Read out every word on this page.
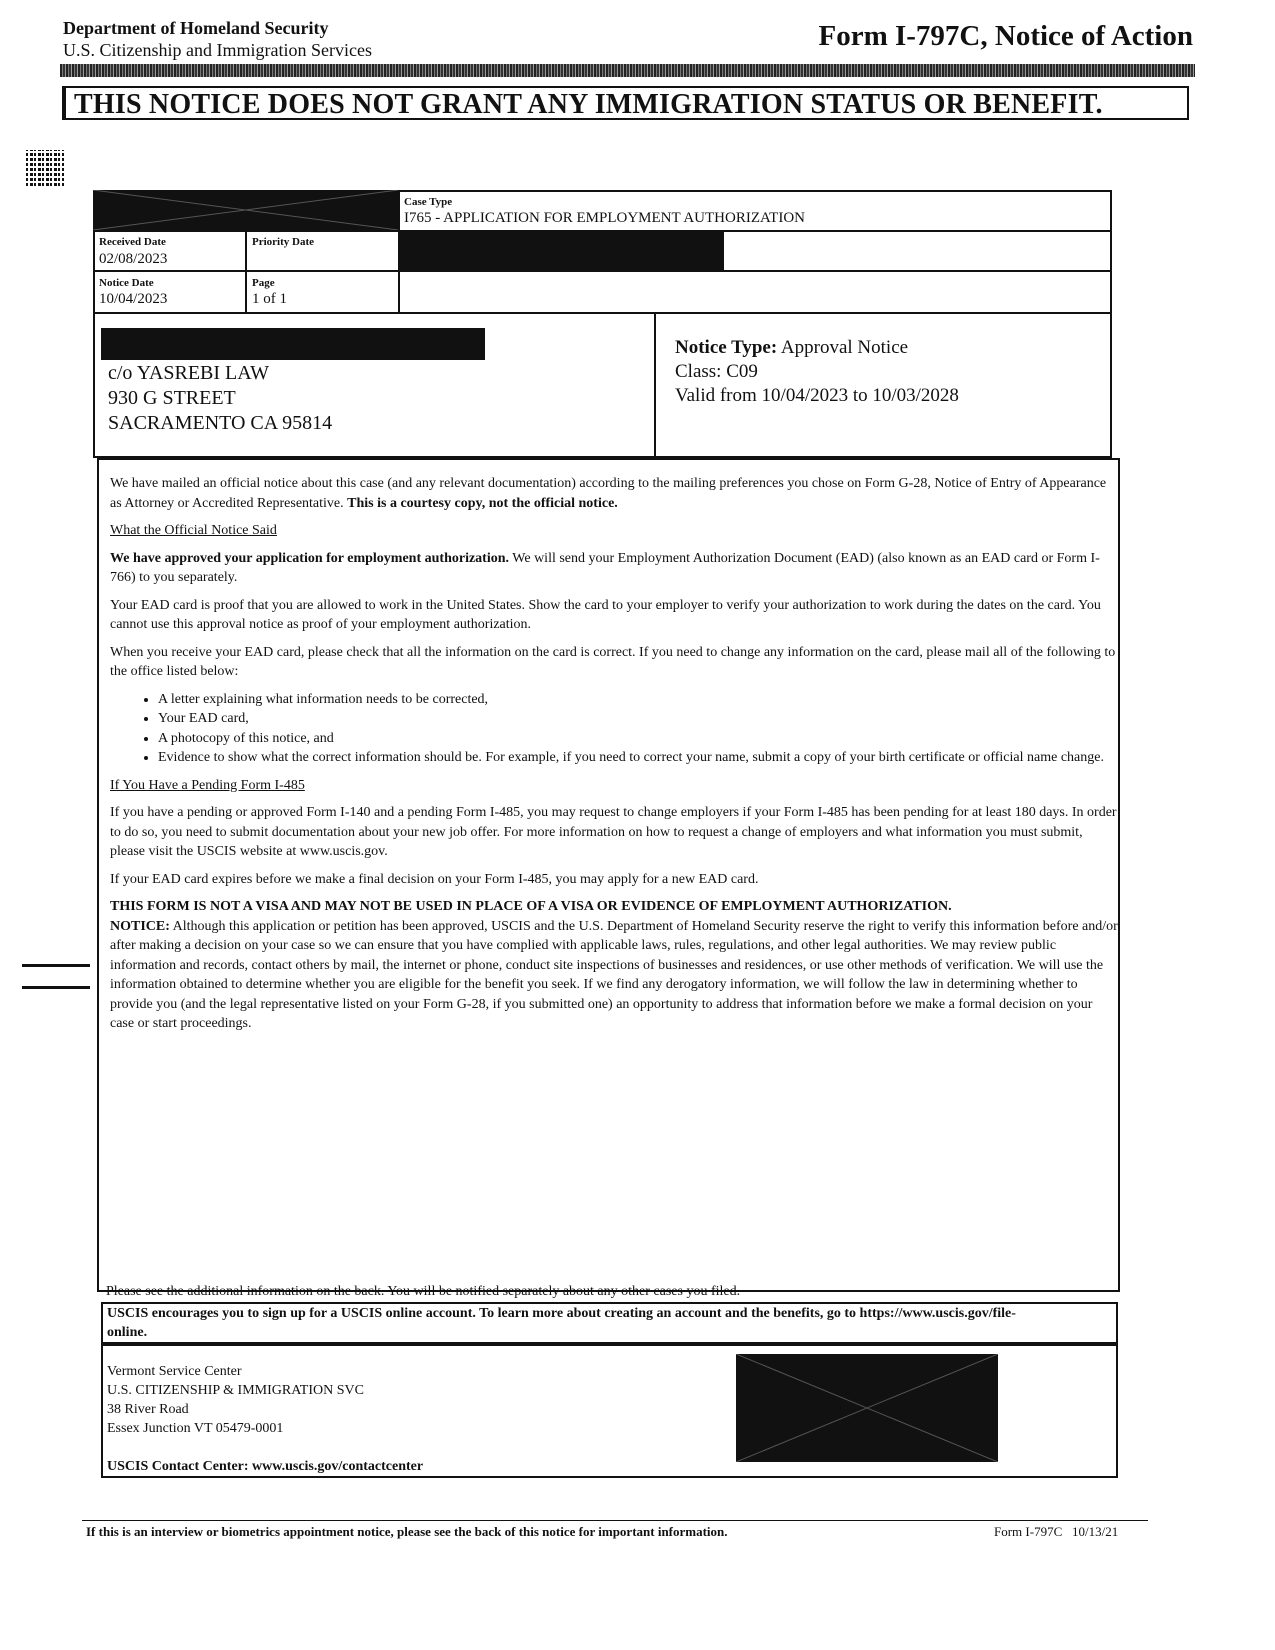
Department of Homeland Security
U.S. Citizenship and Immigration Services	Form I-797C, Notice of Action
THIS NOTICE DOES NOT GRANT ANY IMMIGRATION STATUS OR BENEFIT.
Case Type
I765 - APPLICATION FOR EMPLOYMENT AUTHORIZATION
Received Date
02/08/2023
Priority Date
Notice Date
10/04/2023
Page
1 of 1
c/o YASREBI LAW
930 G STREET
SACRAMENTO CA 95814
Notice Type: Approval Notice
Class: C09
Valid from 10/04/2023 to 10/03/2028

We have mailed an official notice about this case (and any relevant documentation) according to the mailing preferences you chose on Form G-28, Notice of Entry of Appearance as Attorney or Accredited Representative. This is a courtesy copy, not the official notice.

What the Official Notice Said

We have approved your application for employment authorization. We will send your Employment Authorization Document (EAD) (also known as an EAD card or Form I-766) to you separately.

Your EAD card is proof that you are allowed to work in the United States. Show the card to your employer to verify your authorization to work during the dates on the card. You cannot use this approval notice as proof of your employment authorization.

When you receive your EAD card, please check that all the information on the card is correct. If you need to change any information on the card, please mail all of the following to the office listed below:

• A letter explaining what information needs to be corrected,
• Your EAD card,
• A photocopy of this notice, and
• Evidence to show what the correct information should be. For example, if you need to correct your name, submit a copy of your birth certificate or official name change.

If You Have a Pending Form I-485

If you have a pending or approved Form I-140 and a pending Form I-485, you may request to change employers if your Form I-485 has been pending for at least 180 days. In order to do so, you need to submit documentation about your new job offer. For more information on how to request a change of employers and what information you must submit, please visit the USCIS website at www.uscis.gov.

If your EAD card expires before we make a final decision on your Form I-485, you may apply for a new EAD card.

THIS FORM IS NOT A VISA AND MAY NOT BE USED IN PLACE OF A VISA OR EVIDENCE OF EMPLOYMENT AUTHORIZATION.

NOTICE: Although this application or petition has been approved, USCIS and the U.S. Department of Homeland Security reserve the right to verify this information before and/or after making a decision on your case so we can ensure that you have complied with applicable laws, rules, regulations, and other legal authorities. We may review public information and records, contact others by mail, the internet or phone, conduct site inspections of businesses and residences, or use other methods of verification. We will use the information obtained to determine whether you are eligible for the benefit you seek. If we find any derogatory information, we will follow the law in determining whether to provide you (and the legal representative listed on your Form G-28, if you submitted one) an opportunity to address that information before we make a formal decision on your case or start proceedings.

Please see the additional information on the back. You will be notified separately about any other cases you filed.
USCIS encourages you to sign up for a USCIS online account. To learn more about creating an account and the benefits, go to https://www.uscis.gov/file-online.
Vermont Service Center
U.S. CITIZENSHIP & IMMIGRATION SVC
38 River Road
Essex Junction VT 05479-0001
USCIS Contact Center: www.uscis.gov/contactcenter
If this is an interview or biometrics appointment notice, please see the back of this notice for important information.	Form I-797C   10/13/21
